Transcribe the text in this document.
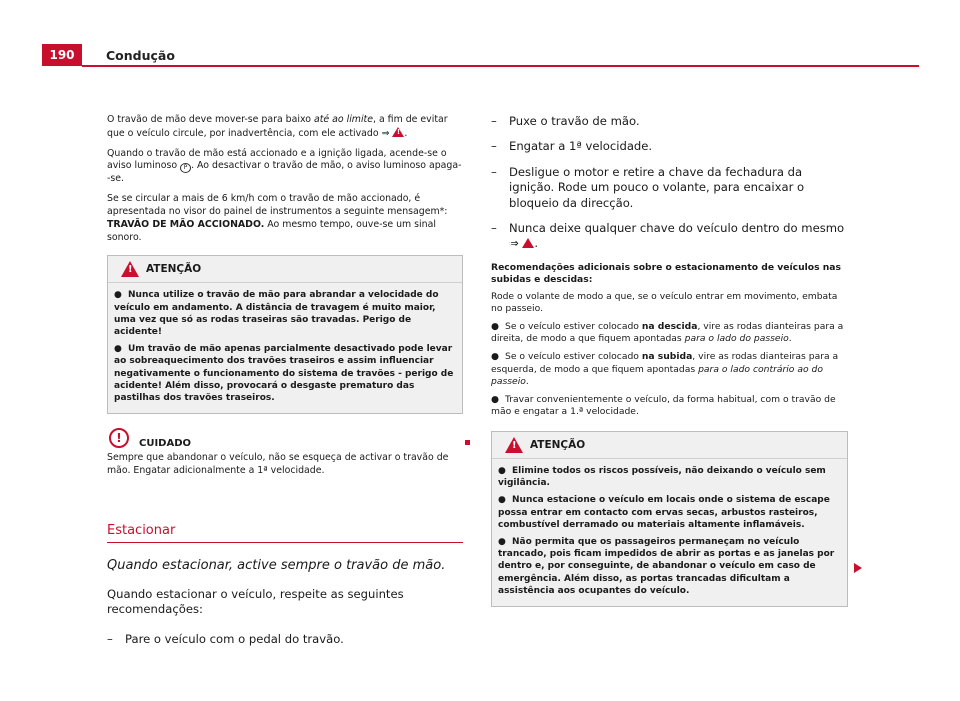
190	Condução

O travão de mão deve mover-se para baixo até ao limite, a fim de evitar que o veículo circule, por inadvertência, com ele activado ⇒ !.

Quando o travão de mão está accionado e a ignição ligada, acende-se o aviso luminoso P . Ao desactivar o travão de mão, o aviso luminoso apaga--se.

Se se circular a mais de 6 km/h com o travão de mão accionado, é apresentada no visor do painel de instrumentos a seguinte mensagem*: TRAVÃO DE MÃO ACCIONADO. Ao mesmo tempo, ouve-se um sinal sonoro.

!
ATENÇÃO

● Nunca utilize o travão de mão para abrandar a velocidade do veículo em andamento. A distância de travagem é muito maior, uma vez que só as rodas traseiras são travadas. Perigo de acidente!

● Um travão de mão apenas parcialmente desactivado pode levar ao sobreaquecimento dos travões traseiros e assim influenciar negativamente o funcionamento do sistema de travões - perigo de acidente! Além disso, provocará o desgaste prematuro das pastilhas dos travões traseiros.

!	CUIDADO

Sempre que abandonar o veículo, não se esqueça de activar o travão de mão. Engatar adicionalmente a 1ª velocidade.

Estacionar
Quando estacionar, active sempre o travão de mão.

Quando estacionar o veículo, respeite as seguintes recomendações:

– Pare o veículo com o pedal do travão.

– Puxe o travão de mão.

– Engatar a 1ª velocidade.

– Desligue o motor e retire a chave da fechadura da ignição. Rode um pouco o volante, para encaixar o bloqueio da direcção.

– Nunca deixe qualquer chave do veículo dentro do mesmo ⇒ !.

Recomendações adicionais sobre o estacionamento de veículos nas subidas e descidas:

Rode o volante de modo a que, se o veículo entrar em movimento, embata no passeio.

● Se o veículo estiver colocado na descida, vire as rodas dianteiras para a direita, de modo a que fiquem apontadas para o lado do passeio.

● Se o veículo estiver colocado na subida, vire as rodas dianteiras para a esquerda, de modo a que fiquem apontadas para o lado contrário ao do passeio.

● Travar convenientemente o veículo, da forma habitual, com o travão de mão e engatar a 1.ª velocidade.

!
ATENÇÃO

● Elimine todos os riscos possíveis, não deixando o veículo sem vigilância.

● Nunca estacione o veículo em locais onde o sistema de escape possa entrar em contacto com ervas secas, arbustos rasteiros, combustível derramado ou materiais altamente inflamáveis.

● Não permita que os passageiros permaneçam no veículo trancado, pois ficam impedidos de abrir as portas e as janelas por dentro e, por conseguinte, de abandonar o veículo em caso de emergência. Além disso, as portas trancadas dificultam a assistência aos ocupantes do veículo.
